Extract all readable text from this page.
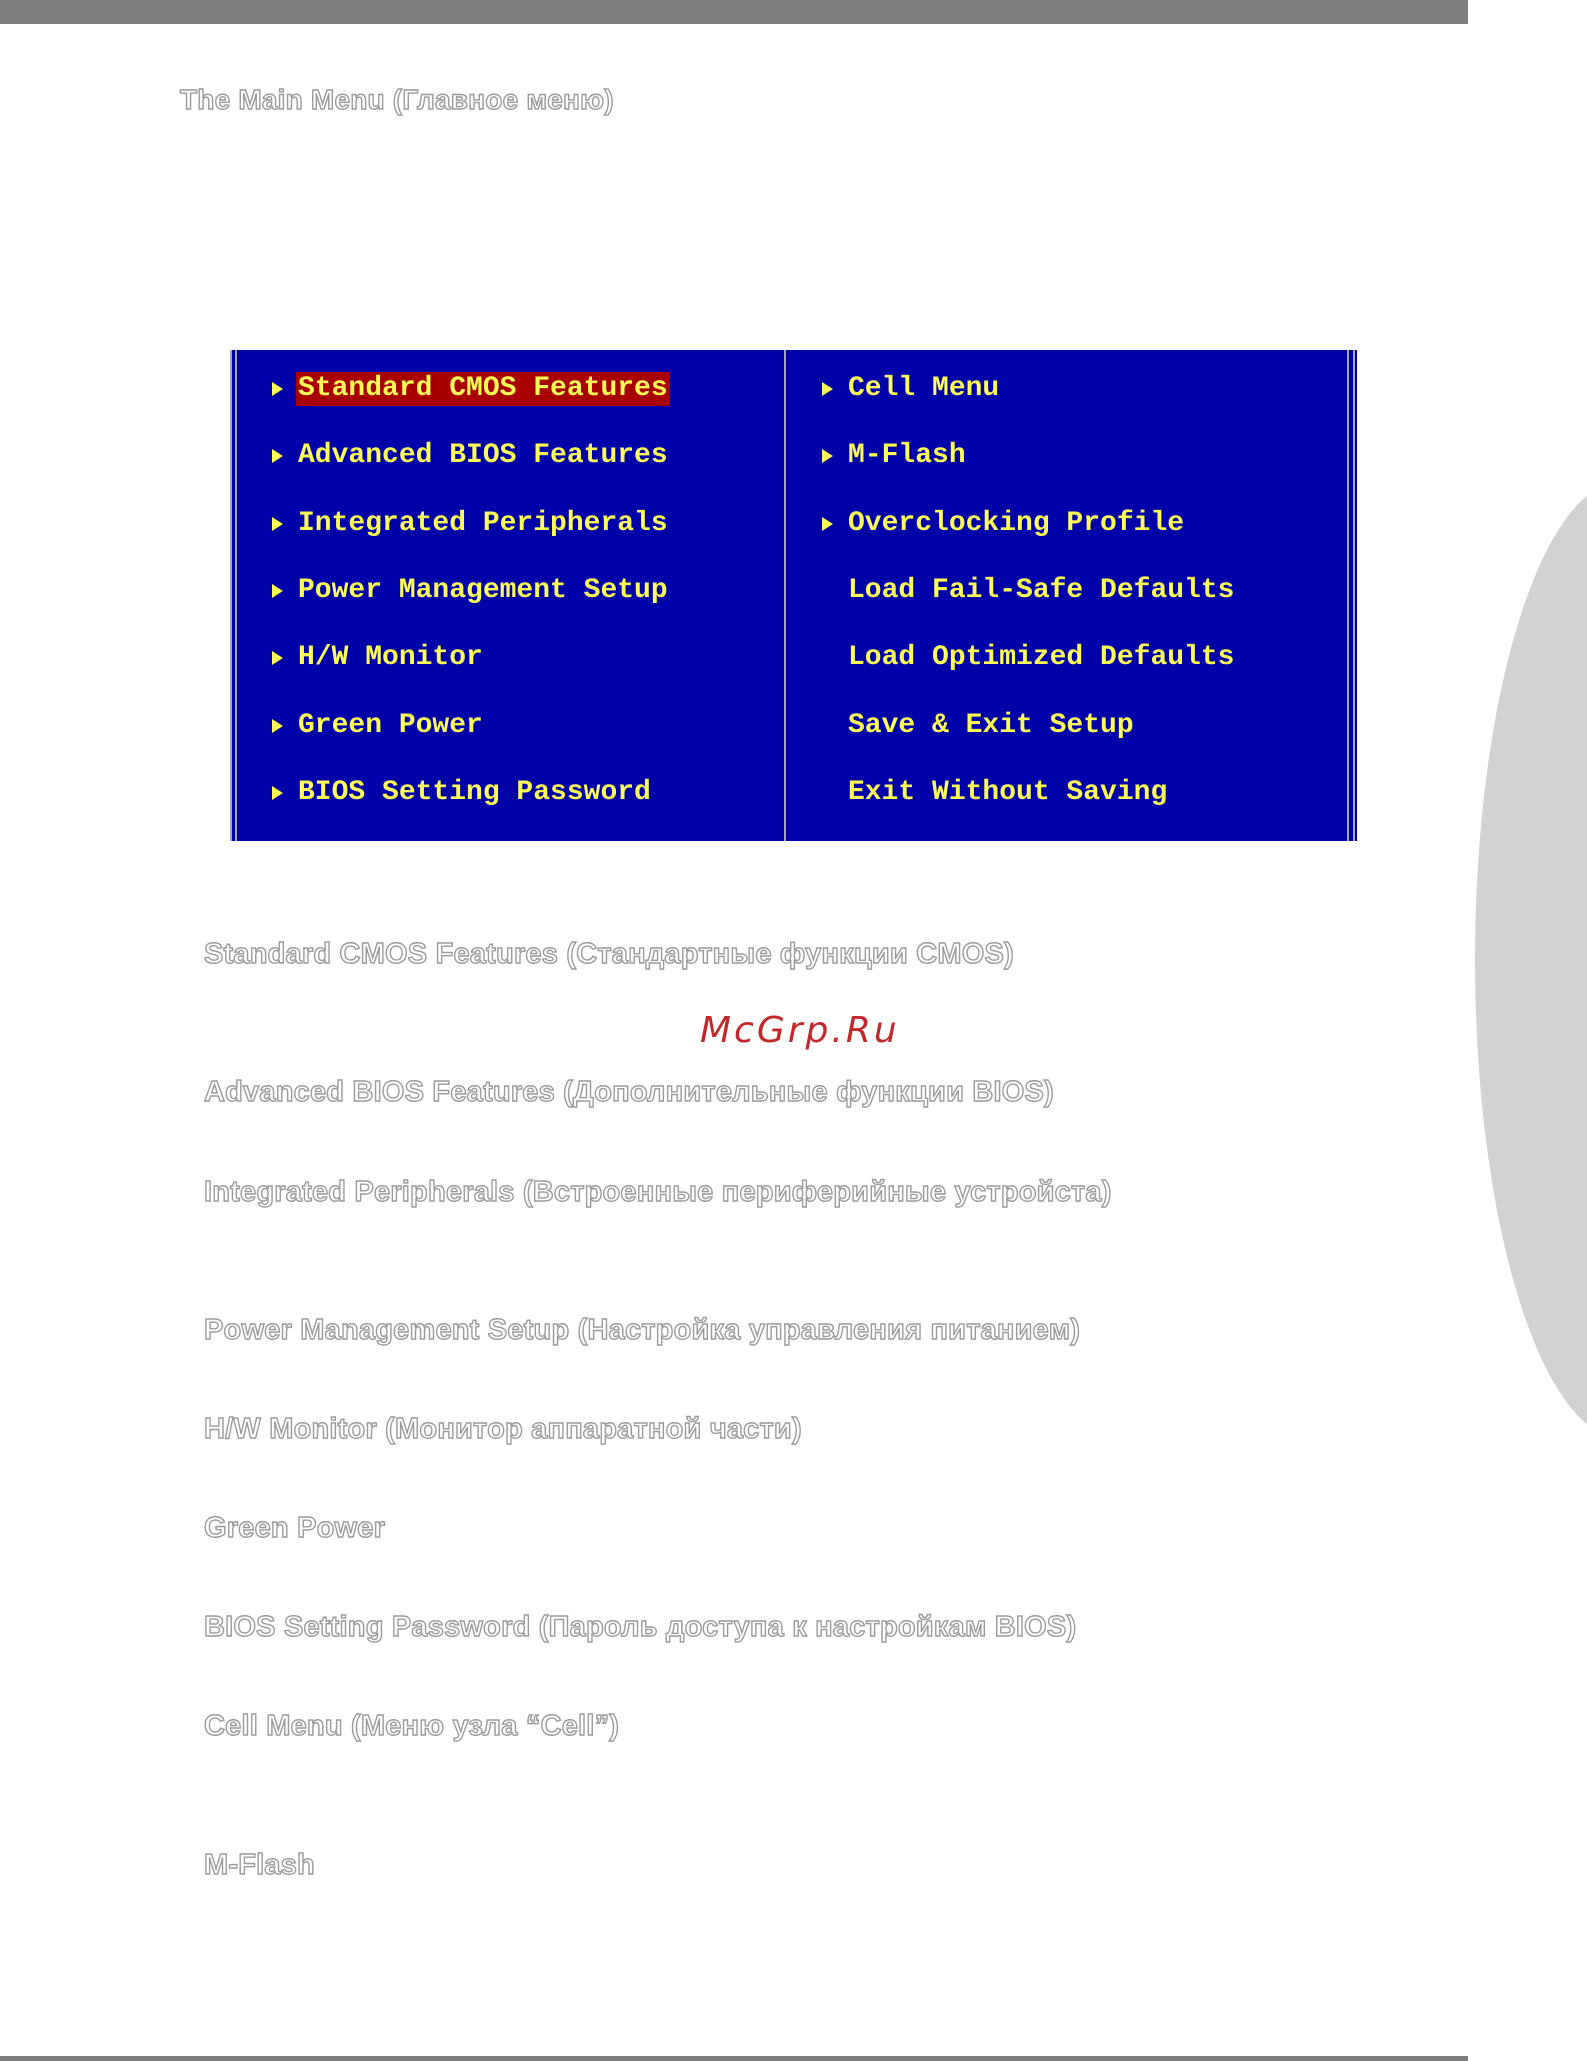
The Main Menu (Главное меню)
Standard CMOS Features
Advanced BIOS Features
Integrated Peripherals
Power Management Setup
H/W Monitor
Green Power
BIOS Setting Password
Cell Menu
M-Flash
Overclocking Profile
Load Fail-Safe Defaults
Load Optimized Defaults
Save & Exit Setup
Exit Without Saving
McGrp.Ru
Standard CMOS Features (Стандартные функции CMOS)
Advanced BIOS Features (Дополнительные функции BIOS)
Integrated Peripherals (Встроенные периферийные устройста)
Power Management Setup (Настройка управления питанием)
H/W Monitor (Монитор аппаратной части)
Green Power
BIOS Setting Password (Пароль доступа к настройкам BIOS)
Cell Menu (Меню узла “Cell”)
M-Flash
